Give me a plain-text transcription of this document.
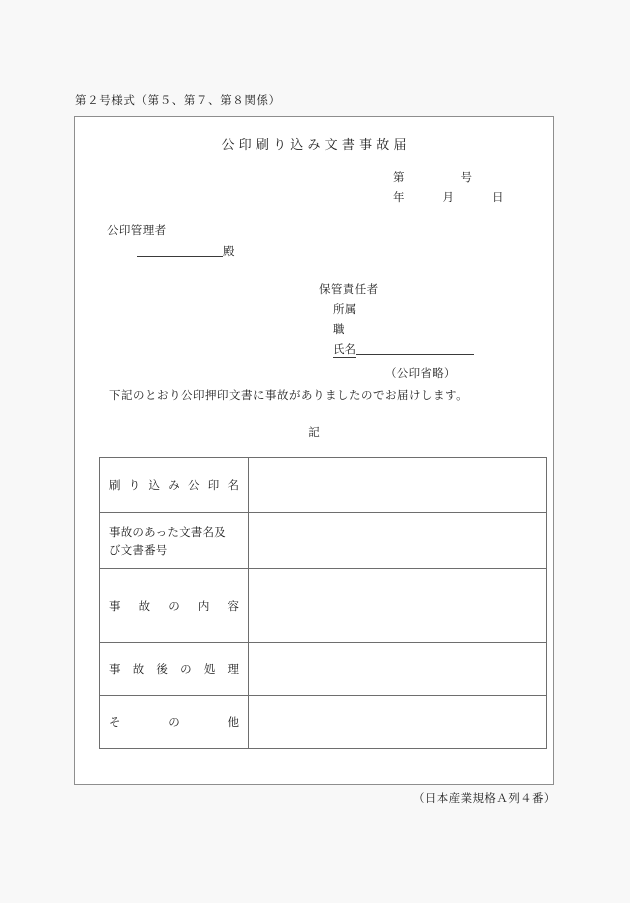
第２号様式（第５、第７、第８関係）
公印刷り込み文書事故届
第	号
年	月	日
公印管理者
殿
保管責任者
所属
職
氏名
（公印省略）
下記のとおり公印押印文書に事故がありましたのでお届けします。
記
刷 り 込 み 公 印 名

事故のあった文書名及
び文書番号	

事 故 の 内 容	

事 故 後 の 処 理

そ の 他	

（日本産業規格Ａ列４番）
